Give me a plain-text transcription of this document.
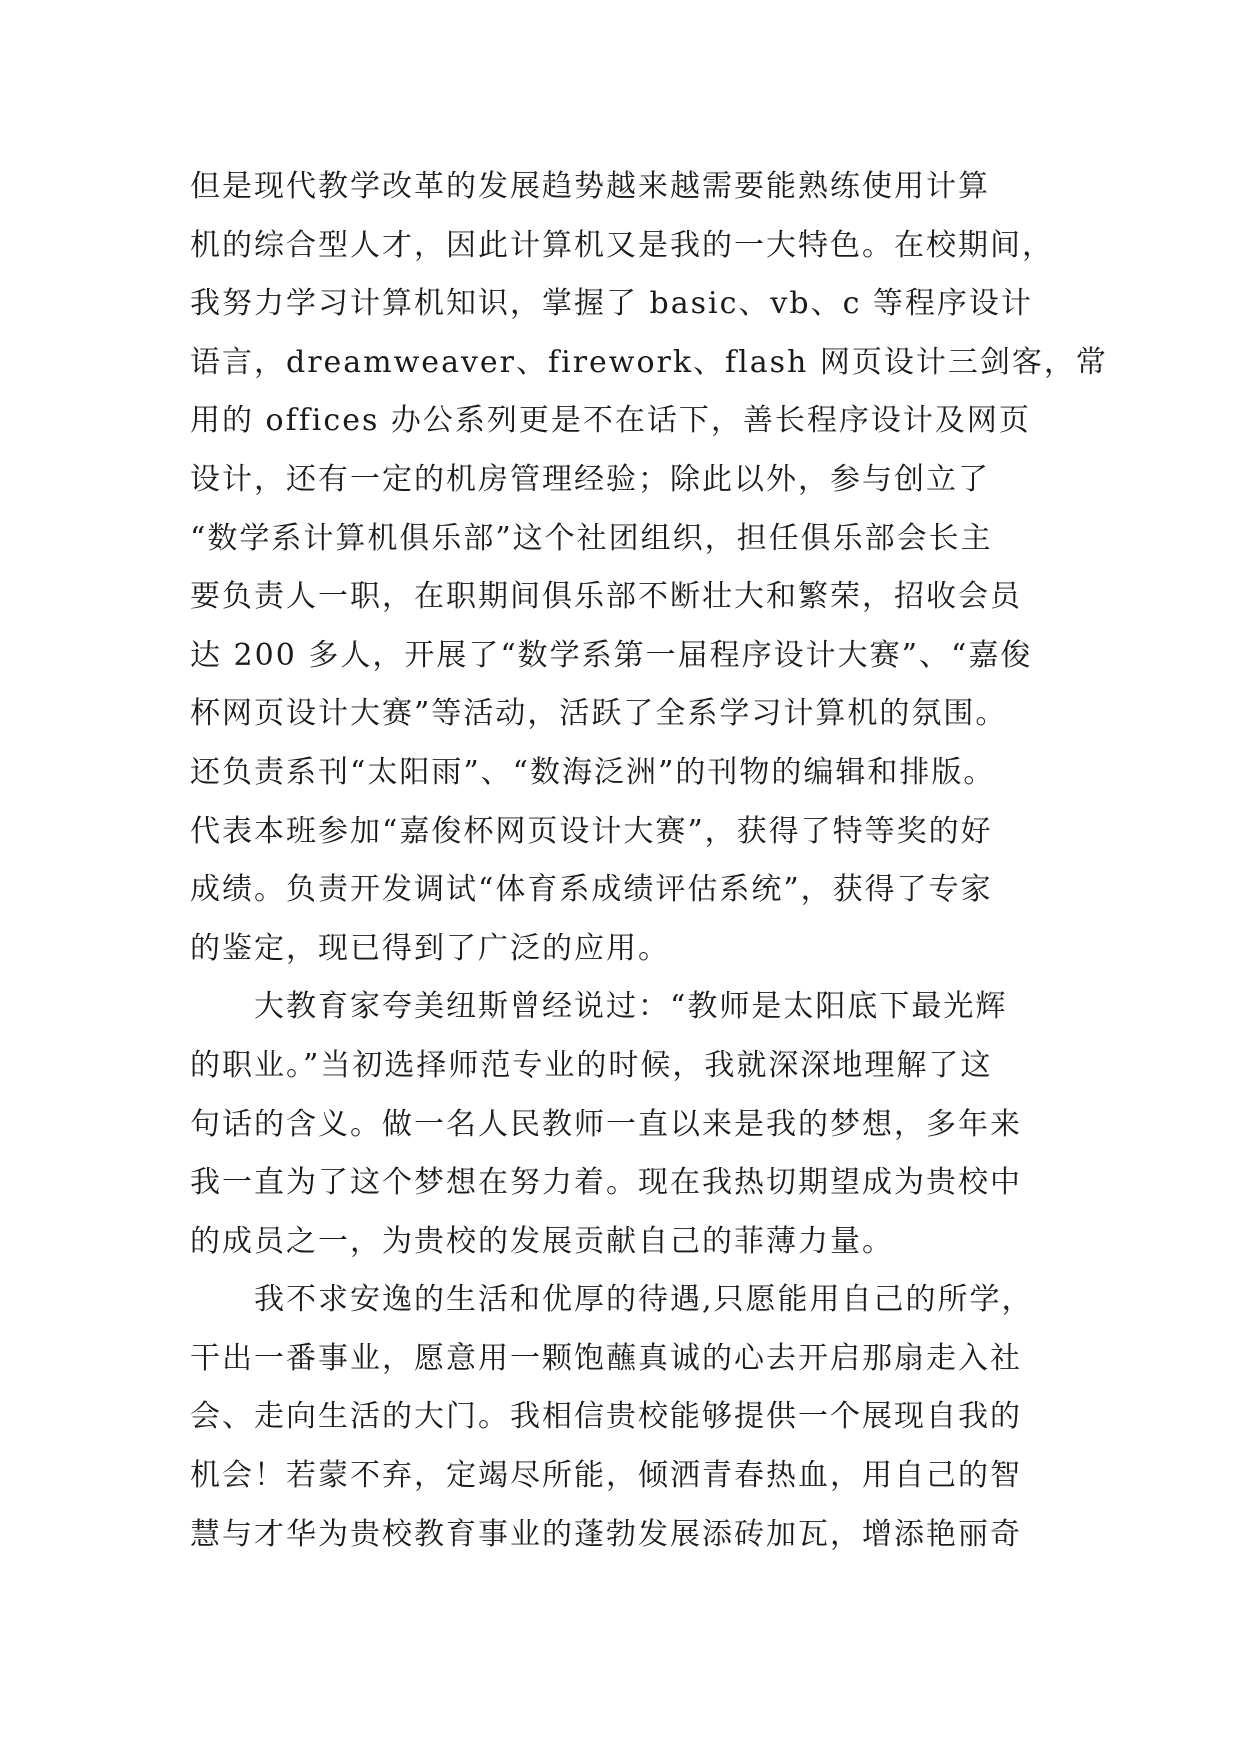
但是现代教学改革的发展趋势越来越需要能熟练使用计算
机的综合型人才，因此计算机又是我的一大特色。在校期间，
我努力学习计算机知识，掌握了 basic、vb、c 等程序设计
语言，dreamweaver、firework、flash 网页设计三剑客，常
用的 offices 办公系列更是不在话下，善长程序设计及网页
设计，还有一定的机房管理经验；除此以外，参与创立了
“数学系计算机俱乐部”这个社团组织，担任俱乐部会长主
要负责人一职，在职期间俱乐部不断壮大和繁荣，招收会员
达 200 多人，开展了“数学系第一届程序设计大赛”、“嘉俊
杯网页设计大赛”等活动，活跃了全系学习计算机的氛围。
还负责系刊“太阳雨”、“数海泛洲”的刊物的编辑和排版。
代表本班参加“嘉俊杯网页设计大赛”，获得了特等奖的好
成绩。负责开发调试“体育系成绩评估系统”，获得了专家
的鉴定，现已得到了广泛的应用。
大教育家夸美纽斯曾经说过：“教师是太阳底下最光辉
的职业。”当初选择师范专业的时候，我就深深地理解了这
句话的含义。做一名人民教师一直以来是我的梦想，多年来
我一直为了这个梦想在努力着。现在我热切期望成为贵校中
的成员之一，为贵校的发展贡献自己的菲薄力量。
我不求安逸的生活和优厚的待遇,只愿能用自己的所学，
干出一番事业，愿意用一颗饱蘸真诚的心去开启那扇走入社
会、走向生活的大门。我相信贵校能够提供一个展现自我的
机会！若蒙不弃，定竭尽所能，倾洒青春热血，用自己的智
慧与才华为贵校教育事业的蓬勃发展添砖加瓦，增添艳丽奇
